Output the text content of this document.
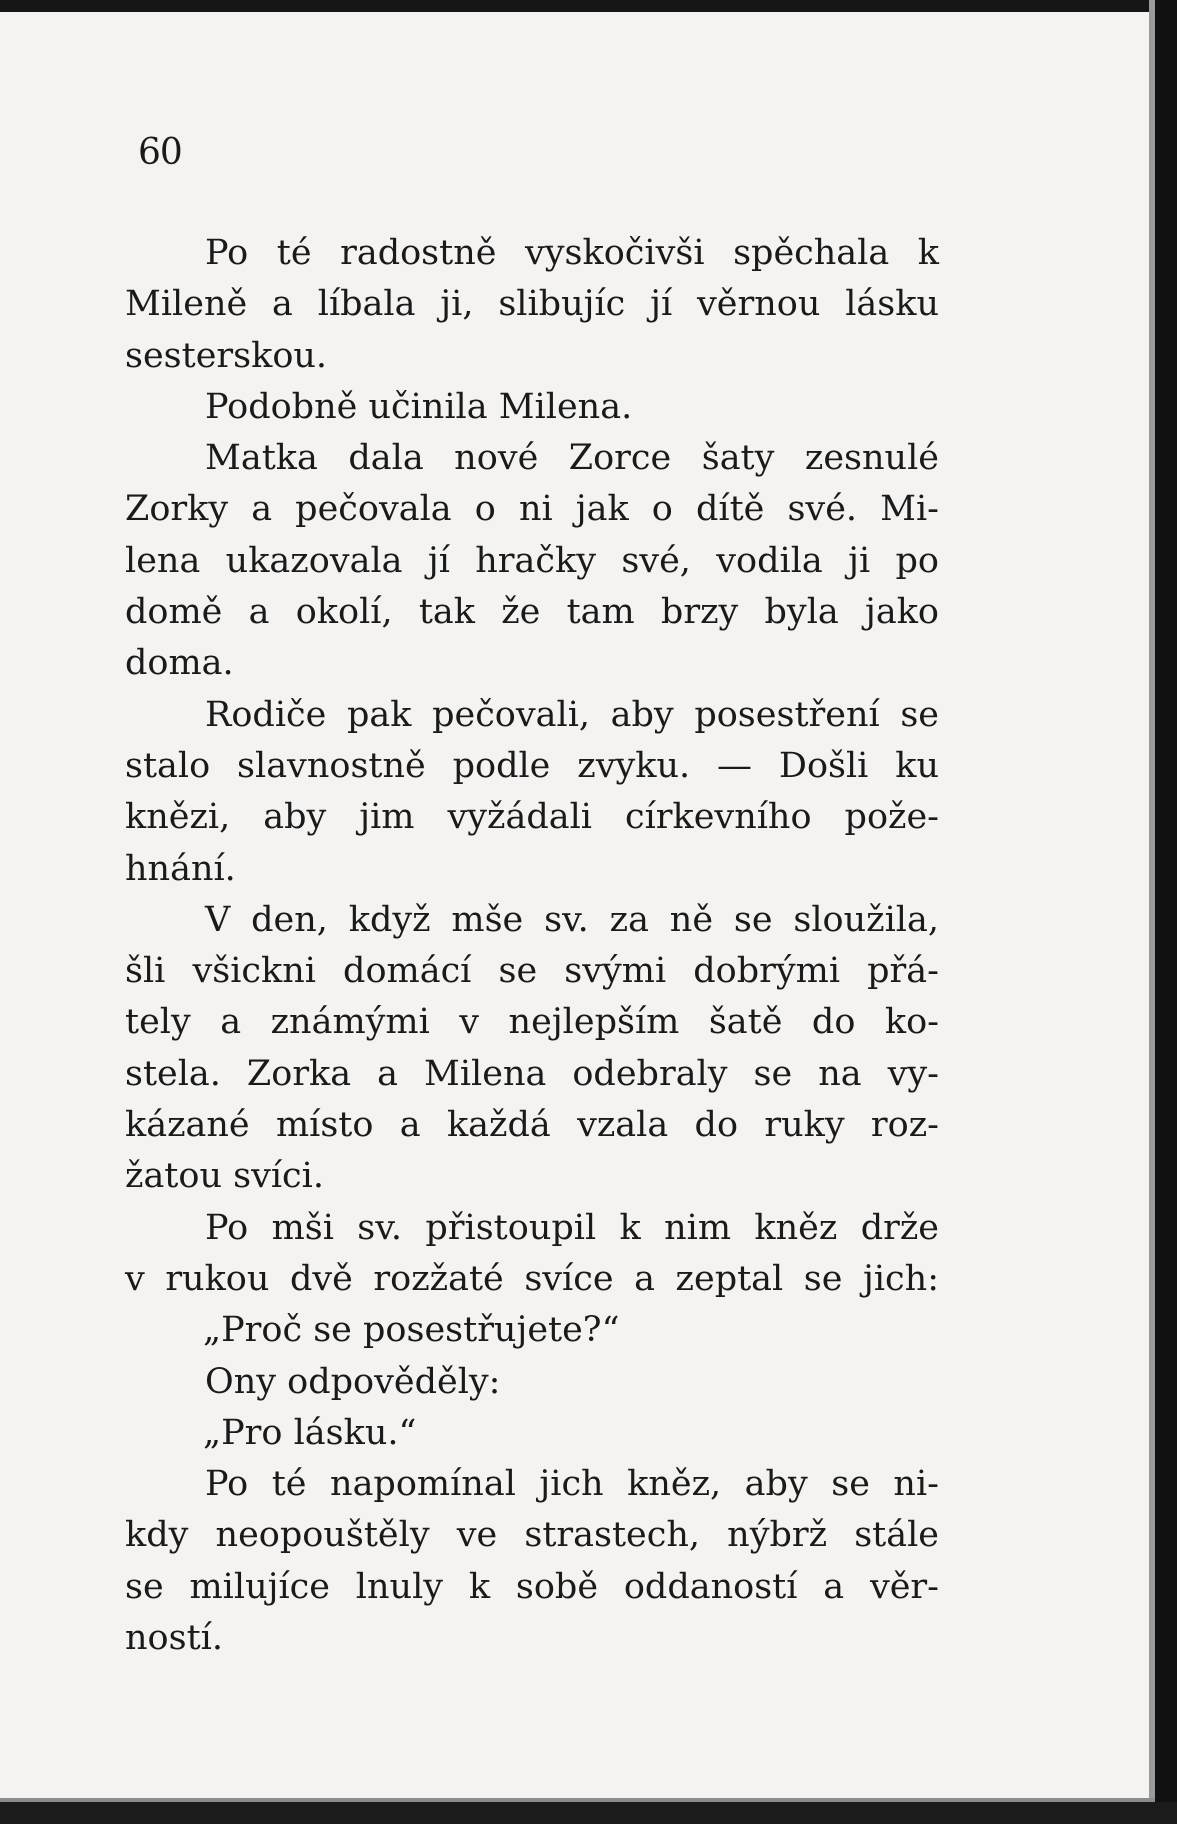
60
Po té radostně vyskočivši spěchala k
Mileně a líbala ji, slibujíc jí věrnou lásku
sesterskou.
Podobně učinila Milena.
Matka dala nové Zorce šaty zesnulé
Zorky a pečovala o ni jak o dítě své. Mi-
lena ukazovala jí hračky své, vodila ji po
domě a okolí, tak že tam brzy byla jako
doma.
Rodiče pak pečovali, aby posestření se
stalo slavnostně podle zvyku. — Došli ku
knězi, aby jim vyžádali církevního pože-
hnání.
V den, když mše sv. za ně se sloužila,
šli všickni domácí se svými dobrými přá-
tely a známými v nejlepším šatě do ko-
stela. Zorka a Milena odebraly se na vy-
kázané místo a každá vzala do ruky roz-
žatou svíci.
Po mši sv. přistoupil k nim kněz drže
v rukou dvě rozžaté svíce a zeptal se jich:
„Proč se posestřujete?“
Ony odpověděly:
„Pro lásku.“
Po té napomínal jich kněz, aby se ni-
kdy neopouštěly ve strastech, nýbrž stále
se milujíce lnuly k sobě oddaností a věr-
ností.
